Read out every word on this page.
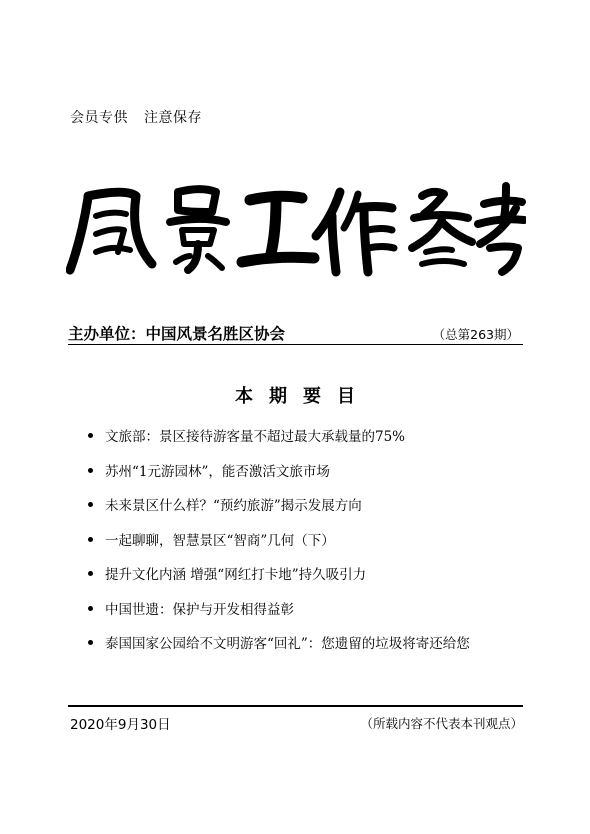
会员专供 注意保存
主办单位：中国风景名胜区协会	（总第263期）
本期要目
文旅部：景区接待游客量不超过最大承载量的75%
苏州“1元游园林”，能否激活文旅市场
未来景区什么样？“预约旅游”揭示发展方向
一起聊聊，智慧景区“智商”几何（下）
提升文化内涵 增强“网红打卡地”持久吸引力
中国世遗：保护与开发相得益彰
泰国国家公园给不文明游客“回礼”：您遗留的垃圾将寄还给您
2020年9月30日	（所载内容不代表本刊观点）
